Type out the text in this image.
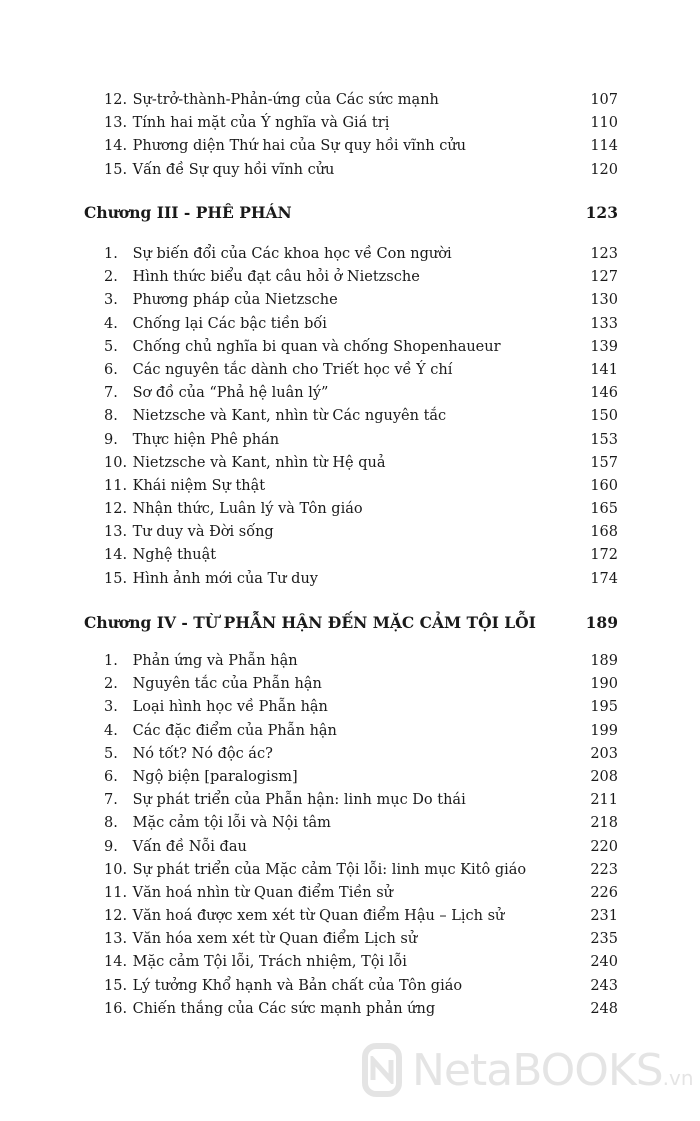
12. Sự-trở-thành-Phản-ứng của Các sức mạnh	107
13. Tính hai mặt của Ý nghĩa và Giá trị	110
14. Phương diện Thứ hai của Sự quy hồi vĩnh cửu	114
15. Vấn đề Sự quy hồi vĩnh cửu	120
Chương III - PHÊ PHÁN	123
1. Sự biến đổi của Các khoa học về Con người	123
2. Hình thức biểu đạt câu hỏi ở Nietzsche	127
3. Phương pháp của Nietzsche	130
4. Chống lại Các bậc tiền bối	133
5. Chống chủ nghĩa bi quan và chống Shopenhaueur	139
6. Các nguyên tắc dành cho Triết học về Ý chí	141
7. Sơ đồ của “Phả hệ luân lý”	146
8. Nietzsche và Kant, nhìn từ Các nguyên tắc	150
9. Thực hiện Phê phán	153
10. Nietzsche và Kant, nhìn từ Hệ quả	157
11. Khái niệm Sự thật	160
12. Nhận thức, Luân lý và Tôn giáo	165
13. Tư duy và Đời sống	168
14. Nghệ thuật	172
15. Hình ảnh mới của Tư duy	174
Chương IV - TỪ PHẪN HẬN ĐẾN MẶC CẢM TỘI LỖI	189
1. Phản ứng và Phẫn hận	189
2. Nguyên tắc của Phẫn hận	190
3. Loại hình học về Phẫn hận	195
4. Các đặc điểm của Phẫn hận	199
5. Nó tốt? Nó độc ác?	203
6. Ngộ biện [paralogism]	208
7. Sự phát triển của Phẫn hận: linh mục Do thái	211
8. Mặc cảm tội lỗi và Nội tâm	218
9. Vấn đề Nỗi đau	220
10. Sự phát triển của Mặc cảm Tội lỗi: linh mục Kitô giáo	223
11. Văn hoá nhìn từ Quan điểm Tiền sử	226
12. Văn hoá được xem xét từ Quan điểm Hậu – Lịch sử	231
13. Văn hóa xem xét từ Quan điểm Lịch sử	235
14. Mặc cảm Tội lỗi, Trách nhiệm, Tội lỗi	240
15. Lý tưởng Khổ hạnh và Bản chất của Tôn giáo	243
16. Chiến thắng của Các sức mạnh phản ứng	248
NetaBOOKS.vn
